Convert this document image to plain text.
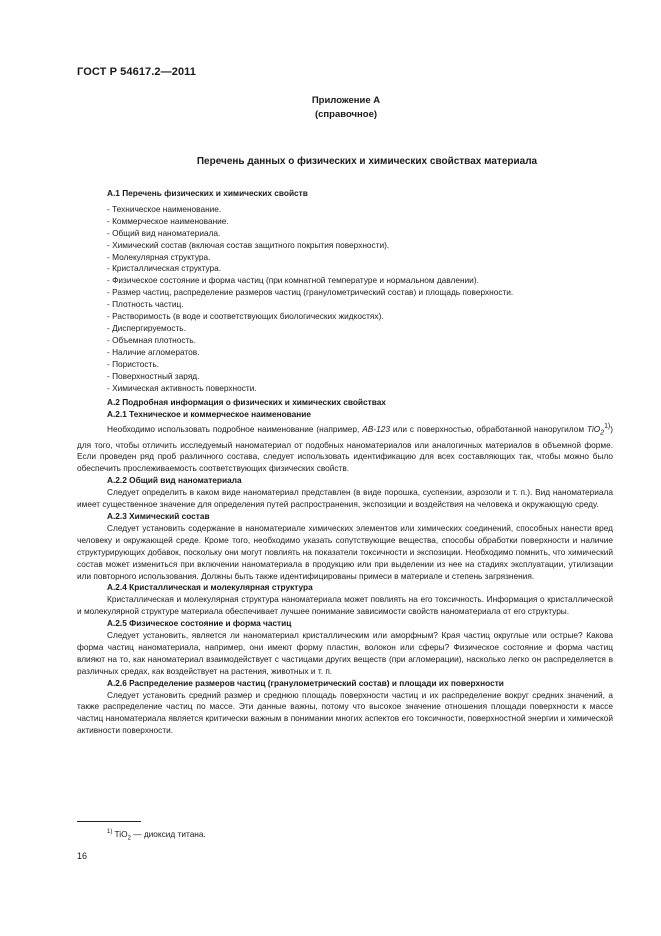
ГОСТ Р 54617.2—2011
Приложение А
(справочное)
Перечень данных о физических и химических свойствах материала
А.1 Перечень физических и химических свойств
- Техническое наименование.
- Коммерческое наименование.
- Общий вид наноматериала.
- Химический состав (включая состав защитного покрытия поверхности).
- Молекулярная структура.
- Кристаллическая структура.
- Физическое состояние и форма частиц (при комнатной температуре и нормальном давлении).
- Размер частиц, распределение размеров частиц (гранулометрический состав) и площадь поверхности.
- Плотность частиц.
- Растворимость (в воде и соответствующих биологических жидкостях).
- Диспергируемость.
- Объемная плотность.
- Наличие агломератов.
- Пористость.
- Поверхностный заряд.
- Химическая активность поверхности.
А.2 Подробная информация о физических и химических свойствах
А.2.1 Техническое и коммерческое наименование

Необходимо использовать подробное наименование (например, АВ-123 или с поверхностью, обработанной наноругилом TiO$_2^{1)}$) для того, чтобы отличить исследуемый наноматериал от подобных наноматериалов или аналогичных материалов в объемной форме. Если проведен ряд проб различного состава, следует использовать идентификацию для всех составляющих так, чтобы можно было обеспечить прослеживаемость соответствующих физических свойств.

А.2.2 Общий вид наноматериала

Следует определить в каком виде наноматериал представлен (в виде порошка, суспензии, аэрозоли и т. п.). Вид наноматериала имеет существенное значение для определения путей распространения, экспозиции и воздействия на человека и окружающую среду.

А.2.3 Химический состав

Следует установить содержание в наноматериале химических элементов или химических соединений, способных нанести вред человеку и окружающей среде. Кроме того, необходимо указать сопутствующие вещества, способы обработки поверхности и наличие структурирующих добавок, поскольку они могут повлиять на показатели токсичности и экспозиции. Необходимо помнить, что химический состав может измениться при включении наноматериала в продукцию или при выделении из нее на стадиях эксплуатации, утилизации или повторного использования. Должны быть также идентифицированы примеси в материале и степень загрязнения.

А.2.4 Кристаллическая и молекулярная структура

Кристаллическая и молекулярная структура наноматериала может повлиять на его токсичность. Информация о кристаллической и молекулярной структуре материала обеспечивает лучшее понимание зависимости свойств наноматериала от его структуры.

А.2.5 Физическое состояние и форма частиц

Следует установить, является ли наноматериал кристаллическим или аморфным? Края частиц округлые или острые? Какова форма частиц наноматериала, например, они имеют форму пластин, волокон или сферы? Физическое состояние и форма частиц влияют на то, как наноматериал взаимодействует с частицами других веществ (при агломерации), насколько легко он распределяется в различных средах, как воздействует на растения, животных и т. п.

А.2.6 Распределение размеров частиц (гранулометрический состав) и площади их поверхности

Следует установить средний размер и среднюю площадь поверхности частиц и их распределение вокруг средних значений, а также распределение частиц по массе. Эти данные важны, потому что высокое значение отношения площади поверхности к массе частиц наноматериала является критически важным в понимании многих аспектов его токсичности, поверхностной энергии и химической активности поверхности.

$^{1)}$ TiO$_2$ — диоксид титана.
16
